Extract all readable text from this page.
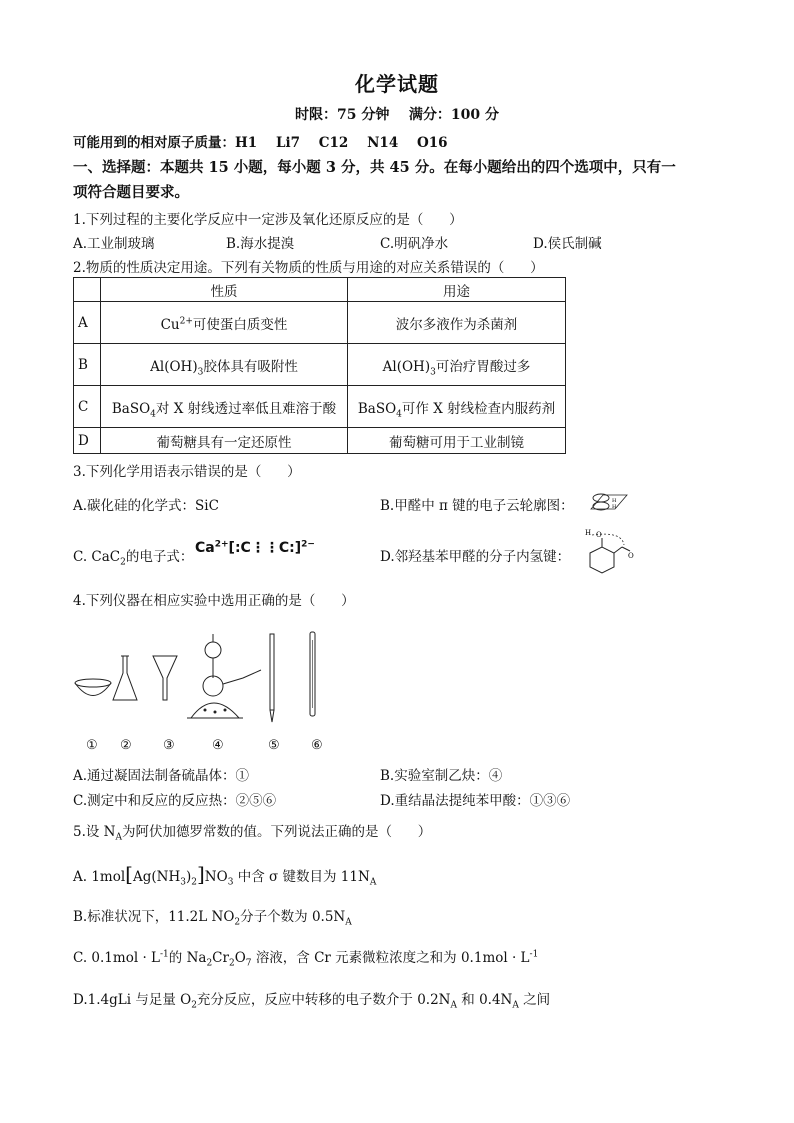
化学试题
时限：75 分钟 满分：100 分
可能用到的相对原子质量：H1    Li7    C12    N14    O16
一、选择题：本题共 15 小题，每小题 3 分，共 45 分。在每小题给出的四个选项中，只有一
项符合题目要求。
1.下列过程的主要化学反应中一定涉及氧化还原反应的是（      ）
A.工业制玻璃	B.海水提溴	C.明矾净水	D.侯氏制碱
2.物质的性质决定用途。下列有关物质的性质与用途的对应关系错误的（      ）
	性质	用途
A	$Cu^{2+}$可使蛋白质变性	波尔多液作为杀菌剂
B	$Al(OH)_3$胶体具有吸附性	$Al(OH)_3$可治疗胃酸过多
C	BaSO$_4$对 X 射线透过率低且难溶于酸	BaSO$_4$可作 X 射线检查内服药剂
D	葡萄糖具有一定还原性	葡萄糖可用于工业制镜
3.下列化学用语表示错误的是（      ）
A.碳化硅的化学式：SiC	B.甲醛中 π 键的电子云轮廓图：	H
H
C. CaC$_2$的电子式：
$Ca^{2+}[:C⋮⋮C:]^{2-}$
D.邻羟基苯甲醛的分子内氢键：
O
H
O
4.下列仪器在相应实验中选用正确的是（      ）
① ② ③	④	⑤ ⑥
A.通过凝固法制备硫晶体：①	B.实验室制乙炔：④
C.测定中和反应的反应热：②⑤⑥	D.重结晶法提纯苯甲酸：①③⑥
5.设 $N_A$为阿伏加德罗常数的值。下列说法正确的是（      ）
A. $1mol[Ag(NH_3)_2]NO_3$ 中含 σ 键数目为 $11N_A$
B.标准状况下，11.2L $NO_2$分子个数为 $0.5N_A$
C. $0.1mol \cdot L^{-1}$的 $Na_2Cr_2O_7$ 溶液，含 Cr 元素微粒浓度之和为 $0.1mol \cdot L^{-1}$
D.1.4gLi 与足量 $O_2$充分反应，反应中转移的电子数介于 $0.2N_A$ 和 $0.4N_A$ 之间
